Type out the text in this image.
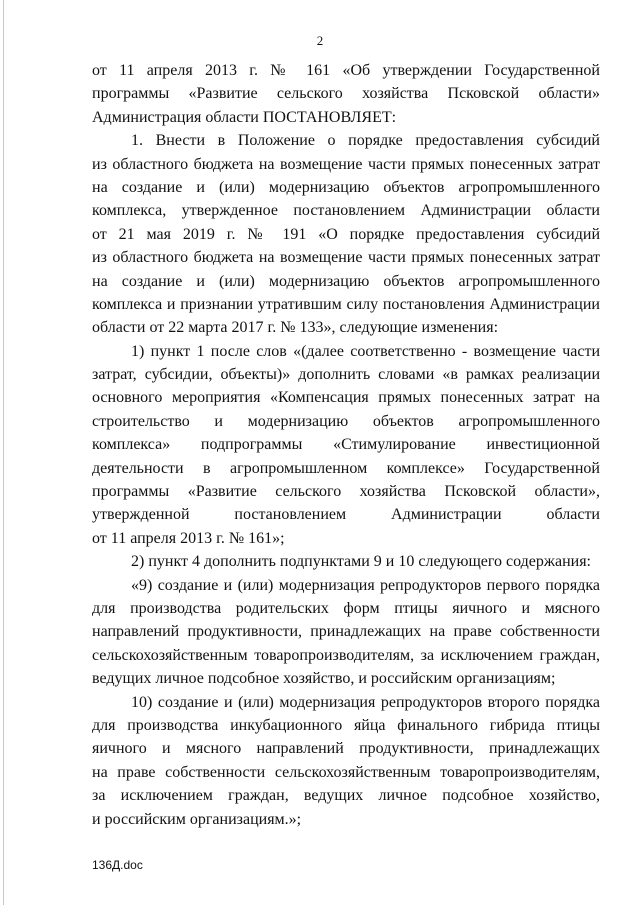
2
от 11 апреля 2013 г. № 161 «Об утверждении Государственной
программы «Развитие сельского хозяйства Псковской области»
Администрация области ПОСТАНОВЛЯЕТ:
1. Внести в Положение о порядке предоставления субсидий
из областного бюджета на возмещение части прямых понесенных затрат
на создание и (или) модернизацию объектов агропромышленного
комплекса, утвержденное постановлением Администрации области
от 21 мая 2019 г. № 191 «О порядке предоставления субсидий
из областного бюджета на возмещение части прямых понесенных затрат
на создание и (или) модернизацию объектов агропромышленного
комплекса и признании утратившим силу постановления Администрации
области от 22 марта 2017 г. № 133», следующие изменения:
1) пункт 1 после слов «(далее соответственно - возмещение части
затрат, субсидии, объекты)» дополнить словами «в рамках реализации
основного мероприятия «Компенсация прямых понесенных затрат на
строительство и модернизацию объектов агропромышленного
комплекса» подпрограммы «Стимулирование инвестиционной
деятельности в агропромышленном комплексе» Государственной
программы «Развитие сельского хозяйства Псковской области»,
утвержденной постановлением Администрации области
от 11 апреля 2013 г. № 161»;
2) пункт 4 дополнить подпунктами 9 и 10 следующего содержания:
«9) создание и (или) модернизация репродукторов первого порядка
для производства родительских форм птицы яичного и мясного
направлений продуктивности, принадлежащих на праве собственности
сельскохозяйственным товаропроизводителям, за исключением граждан,
ведущих личное подсобное хозяйство, и российским организациям;
10) создание и (или) модернизация репродукторов второго порядка
для производства инкубационного яйца финального гибрида птицы
яичного и мясного направлений продуктивности, принадлежащих
на праве собственности сельскохозяйственным товаропроизводителям,
за исключением граждан, ведущих личное подсобное хозяйство,
и российским организациям.»;
136Д.doc
